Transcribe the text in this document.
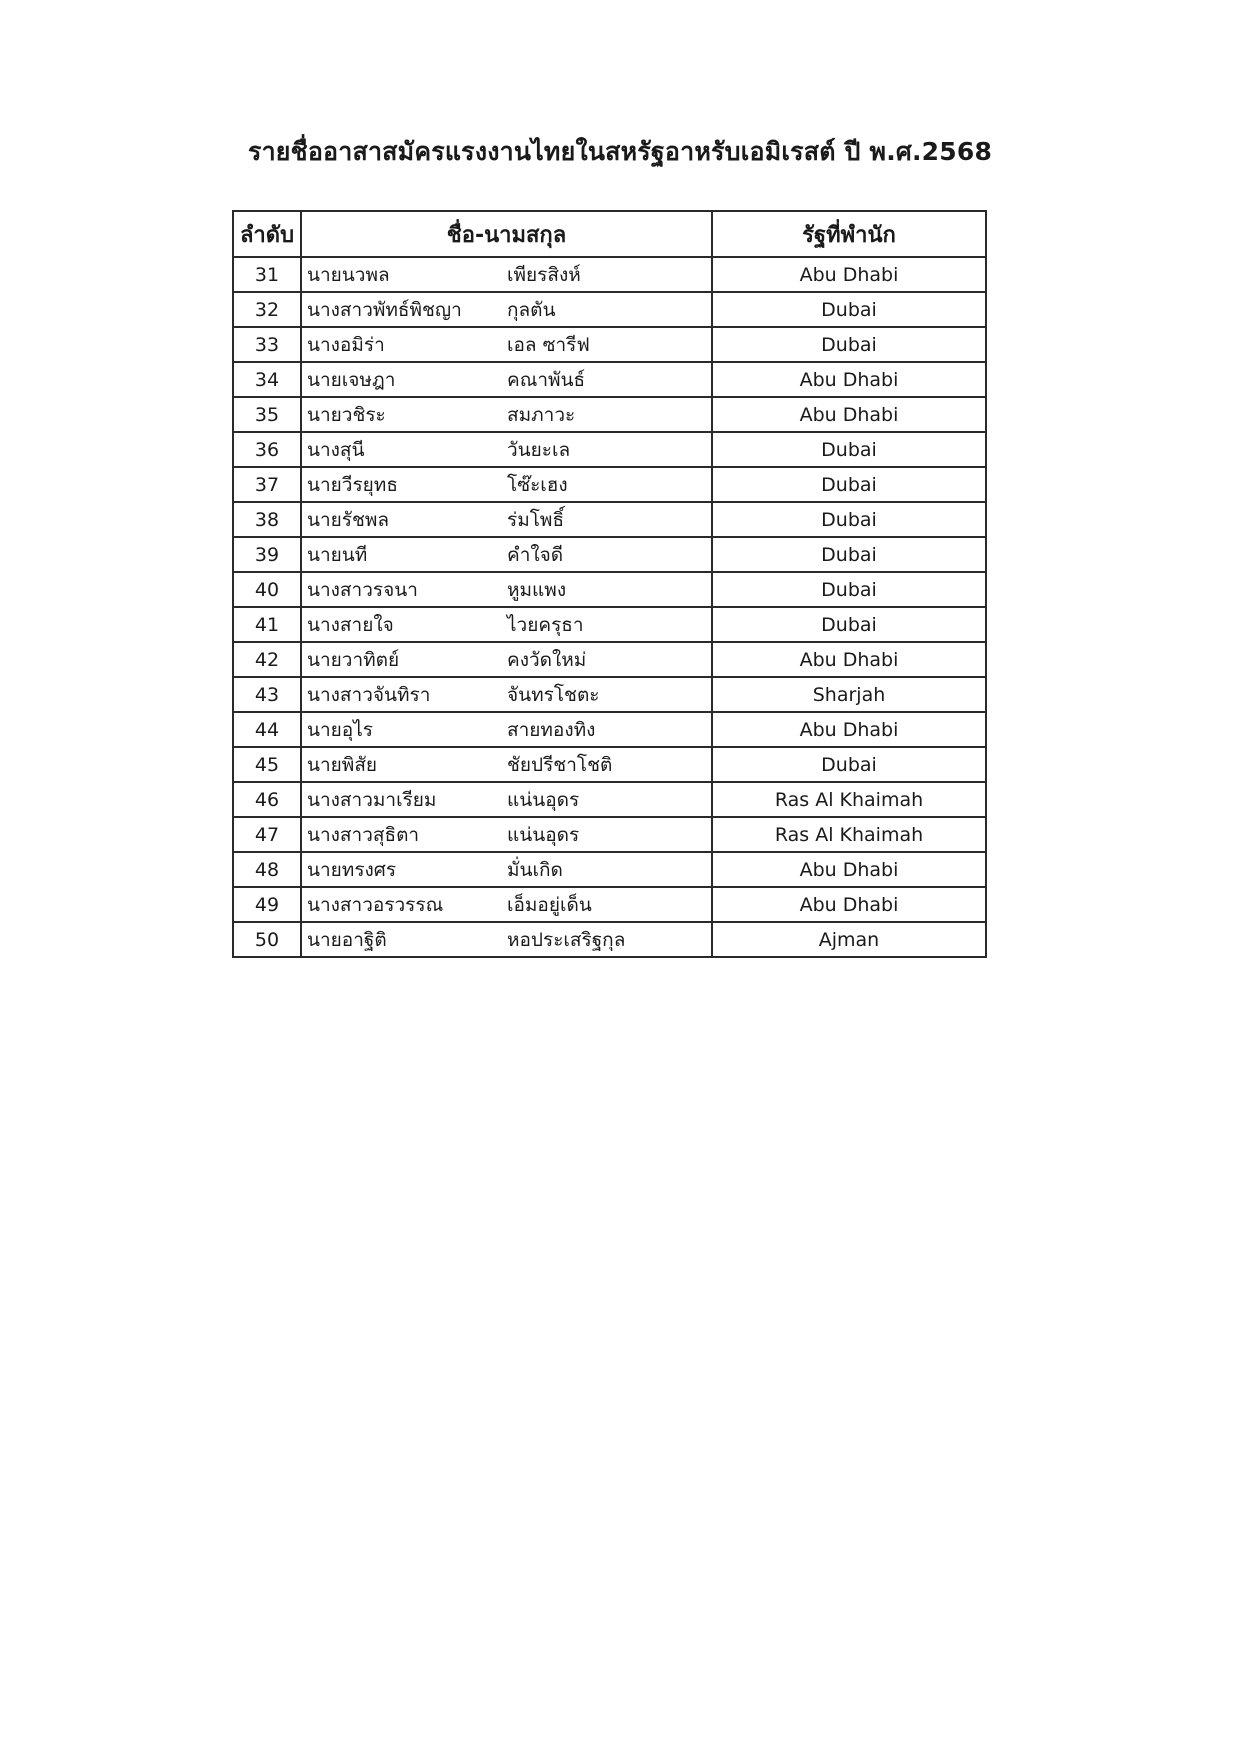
รายชื่ออาสาสมัครแรงงานไทยในสหรัฐอาหรับเอมิเรสต์ ปี พ.ศ.2568
ลำดับ	ชื่อ-นามสกุล	รัฐที่พำนัก
31	นายนวพล เพียรสิงห์	Abu Dhabi
32	นางสาวพัทธ์พิชญา กุลตัน	Dubai
33	นางอมิร่า เอล ซารีฟ	Dubai
34	นายเจษฎา คณาพันธ์	Abu Dhabi
35	นายวชิระ สมภาวะ	Abu Dhabi
36	นางสุนี วันยะเล	Dubai
37	นายวีรยุทธ โซ๊ะเฮง	Dubai
38	นายรัชพล ร่มโพธิ์	Dubai
39	นายนที คำใจดี	Dubai
40	นางสาวรจนา หูมแพง	Dubai
41	นางสายใจ ไวยครุธา	Dubai
42	นายวาทิตย์ คงวัดใหม่	Abu Dhabi
43	นางสาวจันทิรา จันทรโชตะ	Sharjah
44	นายอุไร สายทองทิง	Abu Dhabi
45	นายพิสัย ชัยปรีชาโชติ	Dubai
46	นางสาวมาเรียม แน่นอุดร	Ras Al Khaimah
47	นางสาวสุธิตา แน่นอุดร	Ras Al Khaimah
48	นายทรงศร มั่นเกิด	Abu Dhabi
49	นางสาวอรวรรณ เอ็มอยู่เด็น	Abu Dhabi
50	นายอาฐิติ หอประเสริฐกุล	Ajman
